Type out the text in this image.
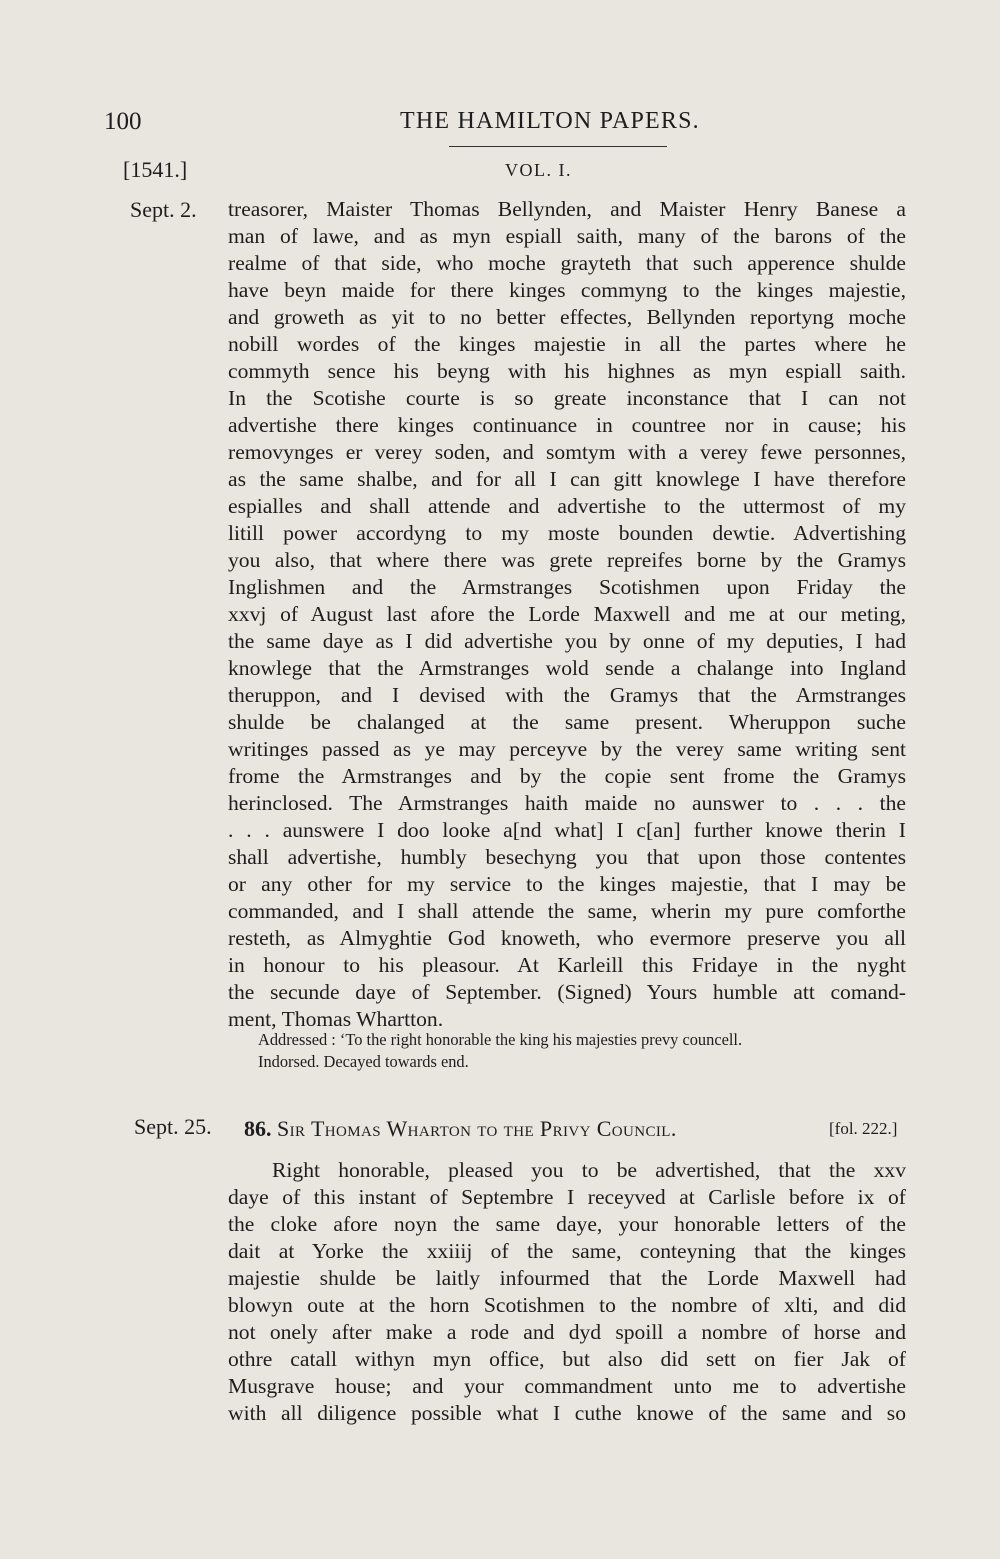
100	THE HAMILTON PAPERS.
[1541.]	VOL. I.
Sept. 2. treasorer, Maister Thomas Bellynden, and Maister Henry Banese a
man of lawe, and as myn espiall saith, many of the barons of the
realme of that side, who moche grayteth that such apperence shulde
have beyn maide for there kinges commyng to the kinges majestie,
and groweth as yit to no better effectes, Bellynden reportyng moche
nobill wordes of the kinges majestie in all the partes where he
commyth sence his beyng with his highnes as myn espiall saith.
In the Scotishe courte is so greate inconstance that I can not
advertishe there kinges continuance in countree nor in cause; his
removynges er verey soden, and somtym with a verey fewe personnes,
as the same shalbe, and for all I can gitt knowlege I have therefore
espialles and shall attende and advertishe to the uttermost of my
litill power accordyng to my moste bounden dewtie. Advertishing
you also, that where there was grete repreifes borne by the Gramys
Inglishmen and the Armstranges Scotishmen upon Friday the
xxvj of August last afore the Lorde Maxwell and me at our meting,
the same daye as I did advertishe you by onne of my deputies, I had
knowlege that the Armstranges wold sende a chalange into Ingland
theruppon, and I devised with the Gramys that the Armstranges
shulde be chalanged at the same present. Wheruppon suche
writinges passed as ye may perceyve by the verey same writing sent
frome the Armstranges and by the copie sent frome the Gramys
herinclosed. The Armstranges haith maide no aunswer to . . . the
. . . aunswere I doo looke a[nd what] I c[an] further knowe therin I
shall advertishe, humbly besechyng you that upon those contentes
or any other for my service to the kinges majestie, that I may be
commanded, and I shall attende the same, wherin my pure comforthe
resteth, as Almyghtie God knoweth, who evermore preserve you all
in honour to his pleasour. At Karleill this Fridaye in the nyght
the secunde daye of September. (Signed) Yours humble att comand-
ment, Thomas Whartton.
Addressed : ‘To the right honorable the king his majesties prevy councell.
Indorsed. Decayed towards end.
Sept. 25. 86. Sir Thomas Wharton to the Privy Council.	[fol. 222.]
Right honorable, pleased you to be advertished, that the xxv
daye of this instant of Septembre I receyved at Carlisle before ix of
the cloke afore noyn the same daye, your honorable letters of the
dait at Yorke the xxiiij of the same, conteyning that the kinges
majestie shulde be laitly infourmed that the Lorde Maxwell had
blowyn oute at the horn Scotishmen to the nombre of xlti, and did
not onely after make a rode and dyd spoill a nombre of horse and
othre catall withyn myn office, but also did sett on fier Jak of
Musgrave house; and your commandment unto me to advertishe
with all diligence possible what I cuthe knowe of the same and so
